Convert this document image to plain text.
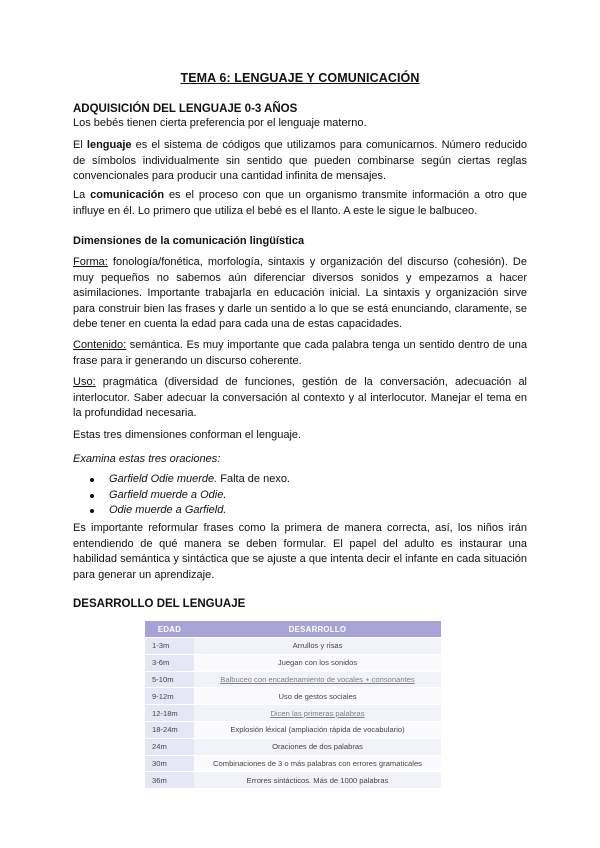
TEMA 6: LENGUAJE Y COMUNICACIÓN
ADQUISICIÓN DEL LENGUAJE 0-3 AÑOS
Los bebés tienen cierta preferencia por el lenguaje materno.
El lenguaje es el sistema de códigos que utilizamos para comunicarnos. Número reducido de símbolos individualmente sin sentido que pueden combinarse según ciertas reglas convencionales para producir una cantidad infinita de mensajes.
La comunicación es el proceso con que un organismo transmite información a otro que influye en él. Lo primero que utiliza el bebé es el llanto. A este le sigue le balbuceo.
Dimensiones de la comunicación lingüística
Forma: fonología/fonética, morfología, sintaxis y organización del discurso (cohesión). De muy pequeños no sabemos aún diferenciar diversos sonidos y empezamos a hacer asimilaciones. Importante trabajarla en educación inicial. La sintaxis y organización sirve para construir bien las frases y darle un sentido a lo que se está enunciando, claramente, se debe tener en cuenta la edad para cada una de estas capacidades.
Contenido: semántica. Es muy importante que cada palabra tenga un sentido dentro de una frase para ir generando un discurso coherente.
Uso: pragmática (diversidad de funciones, gestión de la conversación, adecuación al interlocutor. Saber adecuar la conversación al contexto y al interlocutor. Manejar el tema en la profundidad necesaria.
Estas tres dimensiones conforman el lenguaje.
Examina estas tres oraciones:
Garfield Odie muerde. Falta de nexo.
Garfield muerde a Odie.
Odie muerde a Garfield.
Es importante reformular frases como la primera de manera correcta, así, los niños irán entendiendo de qué manera se deben formular. El papel del adulto es instaurar una habilidad semántica y sintáctica que se ajuste a que intenta decir el infante en cada situación para generar un aprendizaje.
DESARROLLO DEL LENGUAJE
EDAD	DESARROLLO
1-3m	Arrullos y risas
3-6m	Juegan con los sonidos
5-10m	Balbuceo con encadenamiento de vocales + consonantes
9-12m	Uso de gestos sociales
12-18m	Dicen las primeras palabras
18-24m	Explosión léxical (ampliación rápida de vocabulario)
24m	Oraciones de dos palabras
30m	Combinaciones de 3 o más palabras con errores gramaticales
36m	Errores sintácticos. Más de 1000 palabras
